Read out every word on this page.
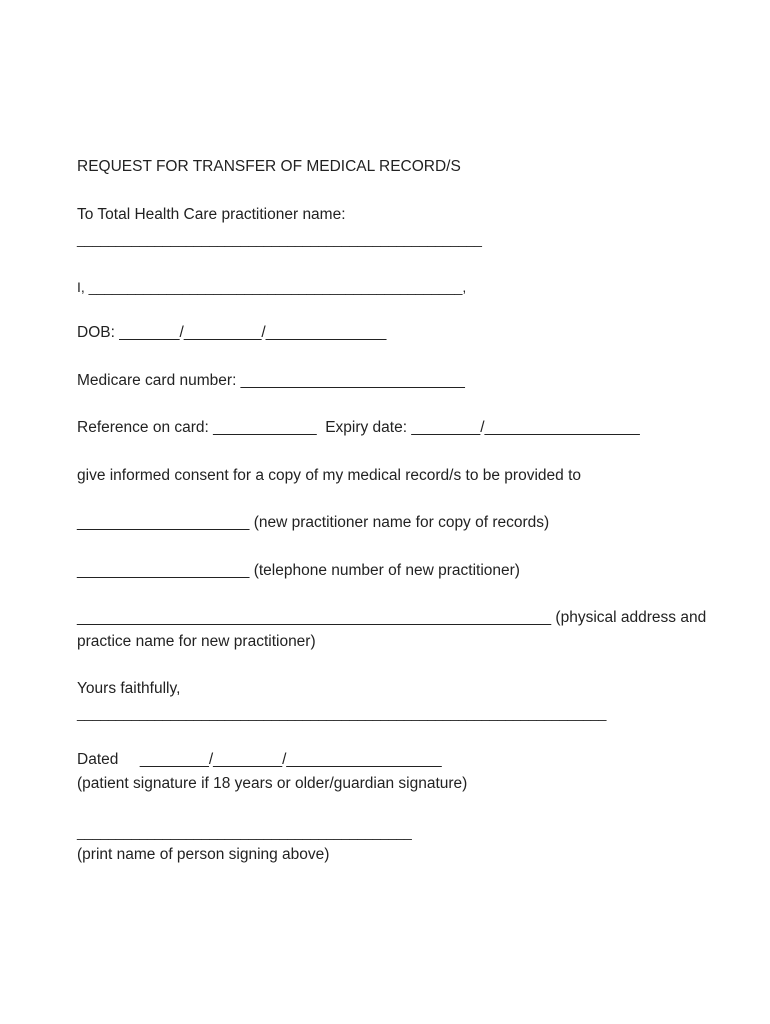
REQUEST FOR TRANSFER OF MEDICAL RECORD/S
To Total Health Care practitioner name:
____________________________________________________
I, ________________________________________________,
DOB: _______/_________/______________
Medicare card number: __________________________
Reference on card: ____________  Expiry date: ________/__________________
give informed consent for a copy of my medical record/s to be provided to
____________________ (new practitioner name for copy of records)
____________________ (telephone number of new practitioner)
_______________________________________________________ (physical address and
practice name for new practitioner)
Yours faithfully,
____________________________________________________________________
Dated     ________/________/__________________
(patient signature if 18 years or older/guardian signature)
___________________________________________
(print name of person signing above)
